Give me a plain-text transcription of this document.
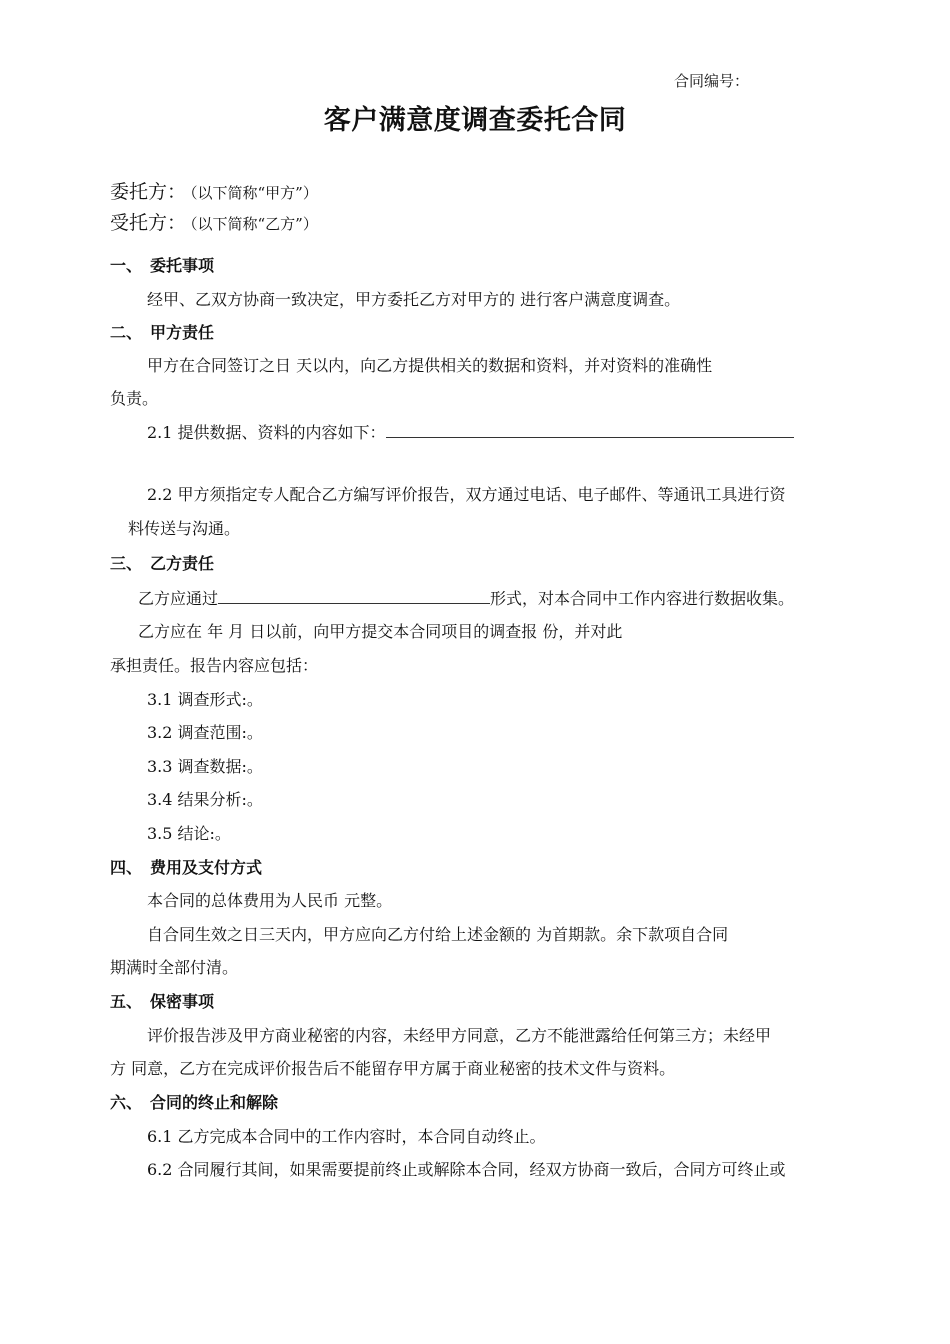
合同编号：
客户满意度调查委托合同
委托方： （以下简称“甲方”）
受托方： （以下简称“乙方”）
一、 委托事项
经甲、乙双方协商一致决定，甲方委托乙方对甲方的 进行客户满意度调查。
二、 甲方责任
甲方在合同签订之日 天以内，向乙方提供相关的数据和资料，并对资料的准确性
负责。
2.1 提供数据、资料的内容如下：
2.2 甲方须指定专人配合乙方编写评价报告，双方通过电话、电子邮件、等通讯工具进行资
料传送与沟通。
三、 乙方责任
乙方应通过	形式，对本合同中工作内容进行数据收集。
乙方应在 年 月 日以前，向甲方提交本合同项目的调查报 份，并对此
承担责任。报告内容应包括：
3.1 调查形式:。
3.2 调查范围:。
3.3 调查数据:。
3.4 结果分析:。
3.5 结论:。
四、 费用及支付方式
本合同的总体费用为人民币 元整。
自合同生效之日三天内，甲方应向乙方付给上述金额的 为首期款。余下款项自合同
期满时全部付清。
五、 保密事项
评价报告涉及甲方商业秘密的内容，未经甲方同意，乙方不能泄露给任何第三方；未经甲
方 同意，乙方在完成评价报告后不能留存甲方属于商业秘密的技术文件与资料。
六、 合同的终止和解除
6.1 乙方完成本合同中的工作内容时，本合同自动终止。
6.2 合同履行其间，如果需要提前终止或解除本合同，经双方协商一致后，合同方可终止或
